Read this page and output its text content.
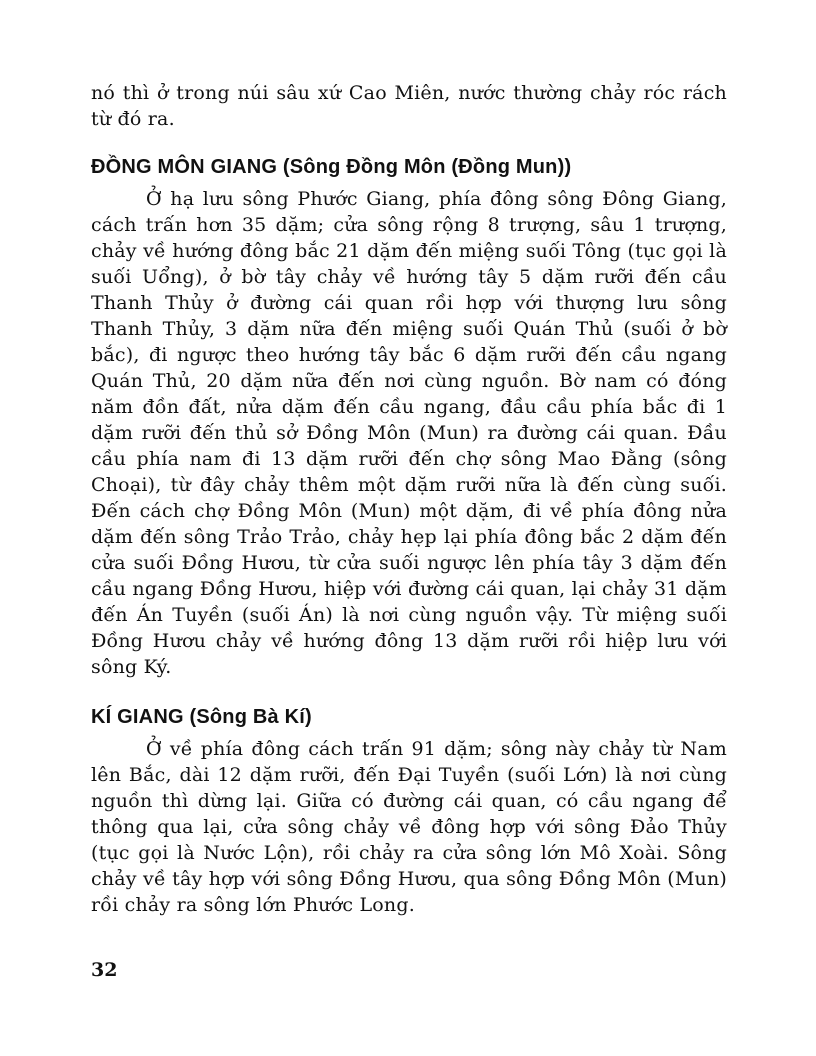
nó thì ở trong núi sâu xứ Cao Miên, nước thường chảy róc rách từ đó ra.

ĐỒNG MÔN GIANG (Sông Đồng Môn (Đồng Mun))

Ở hạ lưu sông Phước Giang, phía đông sông Đông Giang, cách trấn hơn 35 dặm; cửa sông rộng 8 trượng, sâu 1 trượng, chảy về hướng đông bắc 21 dặm đến miệng suối Tông (tục gọi là suối Uổng), ở bờ tây chảy về hướng tây 5 dặm rưỡi đến cầu Thanh Thủy ở đường cái quan rồi hợp với thượng lưu sông Thanh Thủy, 3 dặm nữa đến miệng suối Quán Thủ (suối ở bờ bắc), đi ngược theo hướng tây bắc 6 dặm rưỡi đến cầu ngang Quán Thủ, 20 dặm nữa đến nơi cùng nguồn. Bờ nam có đóng năm đồn đất, nửa dặm đến cầu ngang, đầu cầu phía bắc đi 1 dặm rưỡi đến thủ sở Đồng Môn (Mun) ra đường cái quan. Đầu cầu phía nam đi 13 dặm rưỡi đến chợ sông Mao Đằng (sông Choại), từ đây chảy thêm một dặm rưỡi nữa là đến cùng suối. Đến cách chợ Đồng Môn (Mun) một dặm, đi về phía đông nửa dặm đến sông Trảo Trảo, chảy hẹp lại phía đông bắc 2 dặm đến cửa suối Đồng Hươu, từ cửa suối ngược lên phía tây 3 dặm đến cầu ngang Đồng Hươu, hiệp với đường cái quan, lại chảy 31 dặm đến Án Tuyền (suối Án) là nơi cùng nguồn vậy. Từ miệng suối Đồng Hươu chảy về hướng đông 13 dặm rưỡi rồi hiệp lưu với sông Ký.

KÍ GIANG (Sông Bà Kí)

Ở về phía đông cách trấn 91 dặm; sông này chảy từ Nam lên Bắc, dài 12 dặm rưỡi, đến Đại Tuyền (suối Lớn) là nơi cùng nguồn thì dừng lại. Giữa có đường cái quan, có cầu ngang để thông qua lại, cửa sông chảy về đông hợp với sông Đảo Thủy (tục gọi là Nước Lộn), rồi chảy ra cửa sông lớn Mô Xoài. Sông chảy về tây hợp với sông Đồng Hươu, qua sông Đồng Môn (Mun) rồi chảy ra sông lớn Phước Long.

32
